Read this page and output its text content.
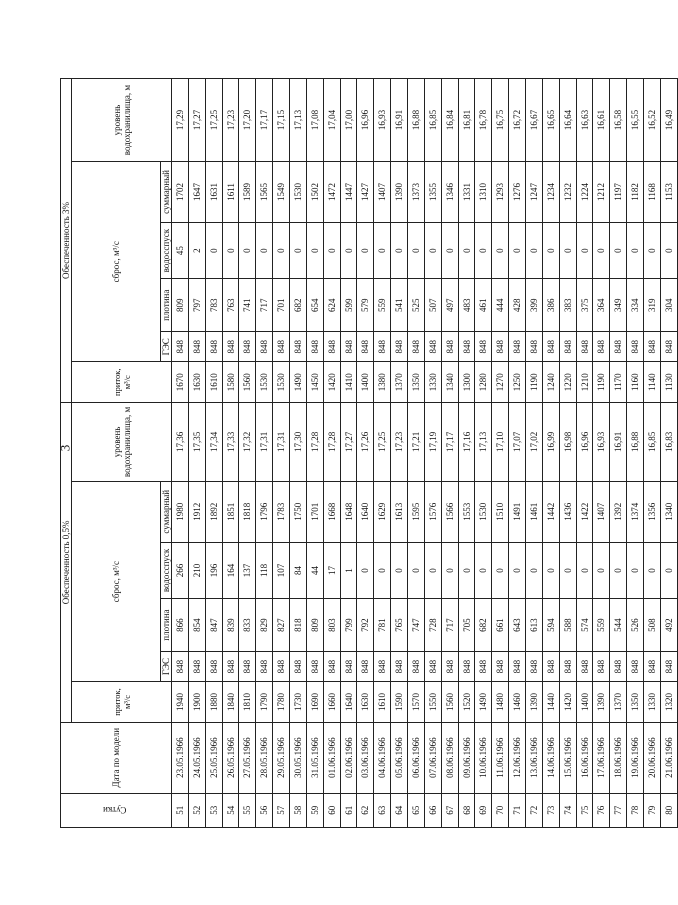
3
Сутки	Дата по модели	Обеспеченность 0,5%						Обеспеченность 3%					
		приток, м³/с	сброс, м³/с				уровень водохранилища, м	приток, м³/с	сброс, м³/с				уровень водохранилища, м
			ГЭС	плотина	водосспуск	суммарный			ГЭС	плотина	водосспуск	суммарный	
51	23.05.1966	1940	848	866	266	1980	17,36	1670	848	809	45	1702	17,29
52	24.05.1966	1900	848	854	210	1912	17,35	1630	848	797	2	1647	17,27
53	25.05.1966	1880	848	847	196	1892	17,34	1610	848	783	0	1631	17,25
54	26.05.1966	1840	848	839	164	1851	17,33	1580	848	763	0	1611	17,23
55	27.05.1966	1810	848	833	137	1818	17,32	1560	848	741	0	1589	17,20
56	28.05.1966	1790	848	829	118	1796	17,31	1530	848	717	0	1565	17,17
57	29.05.1966	1780	848	827	107	1783	17,31	1530	848	701	0	1549	17,15
58	30.05.1966	1730	848	818	84	1750	17,30	1490	848	682	0	1530	17,13
59	31.05.1966	1690	848	809	44	1701	17,28	1450	848	654	0	1502	17,08
60	01.06.1966	1660	848	803	17	1668	17,28	1420	848	624	0	1472	17,04
61	02.06.1966	1640	848	799	1	1648	17,27	1410	848	599	0	1447	17,00
62	03.06.1966	1630	848	792	0	1640	17,26	1400	848	579	0	1427	16,96
63	04.06.1966	1610	848	781	0	1629	17,25	1380	848	559	0	1407	16,93
64	05.06.1966	1590	848	765	0	1613	17,23	1370	848	541	0	1390	16,91
65	06.06.1966	1570	848	747	0	1595	17,21	1350	848	525	0	1373	16,88
66	07.06.1966	1550	848	728	0	1576	17,19	1330	848	507	0	1355	16,85
67	08.06.1966	1560	848	717	0	1566	17,17	1340	848	497	0	1346	16,84
68	09.06.1966	1520	848	705	0	1553	17,16	1300	848	483	0	1331	16,81
69	10.06.1966	1490	848	682	0	1530	17,13	1280	848	461	0	1310	16,78
70	11.06.1966	1480	848	661	0	1510	17,10	1270	848	444	0	1293	16,75
71	12.06.1966	1460	848	643	0	1491	17,07	1250	848	428	0	1276	16,72
72	13.06.1966	1390	848	613	0	1461	17,02	1190	848	399	0	1247	16,67
73	14.06.1966	1440	848	594	0	1442	16,99	1240	848	386	0	1234	16,65
74	15.06.1966	1420	848	588	0	1436	16,98	1220	848	383	0	1232	16,64
75	16.06.1966	1400	848	574	0	1422	16,96	1210	848	375	0	1224	16,63
76	17.06.1966	1390	848	559	0	1407	16,93	1190	848	364	0	1212	16,61
77	18.06.1966	1370	848	544	0	1392	16,91	1170	848	349	0	1197	16,58
78	19.06.1966	1350	848	526	0	1374	16,88	1160	848	334	0	1182	16,55
79	20.06.1966	1330	848	508	0	1356	16,85	1140	848	319	0	1168	16,52
80	21.06.1966	1320	848	492	0	1340	16,83	1130	848	304	0	1153	16,49
